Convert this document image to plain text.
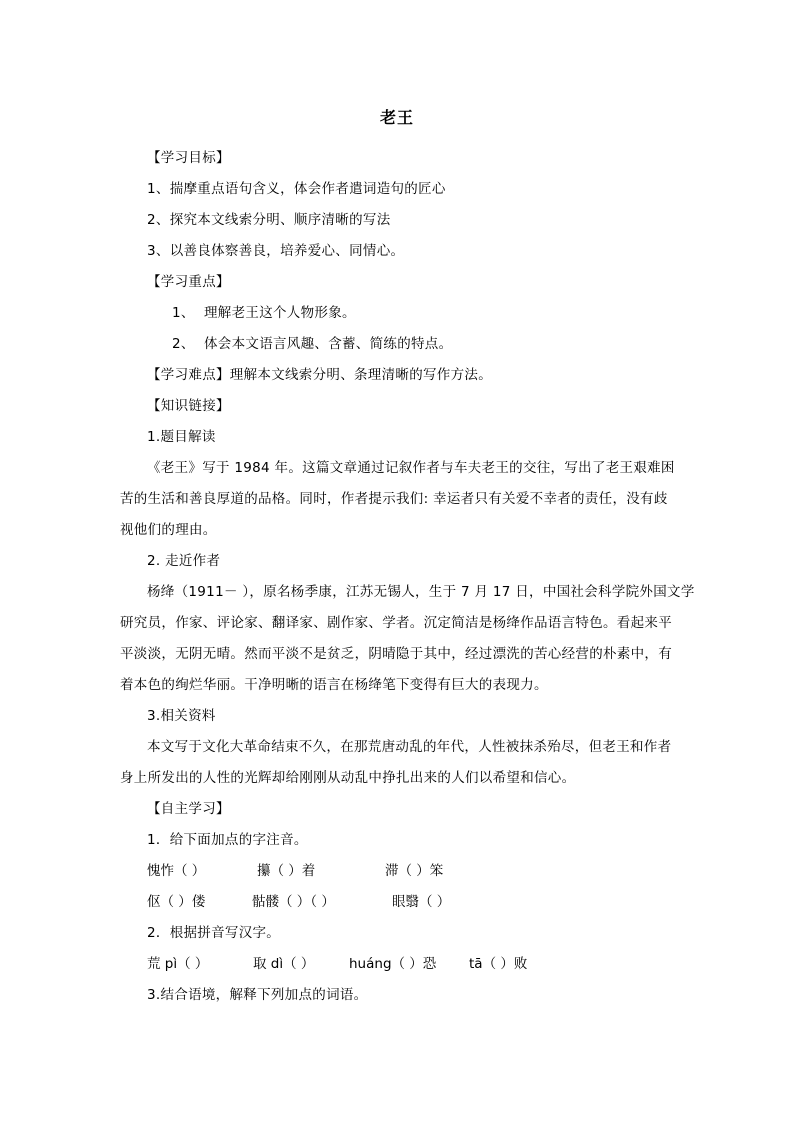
老王
【学习目标】
1、揣摩重点语句含义，体会作者遣词造句的匠心
2、探究本文线索分明、顺序清晰的写法
3、以善良体察善良，培养爱心、同情心。
【学习重点】
1、 理解老王这个人物形象。
2、 体会本文语言风趣、含蓄、简练的特点。
【学习难点】理解本文线索分明、条理清晰的写作方法。
【知识链接】
1.题目解读
《老王》写于 1984 年。这篇文章通过记叙作者与车夫老王的交往，写出了老王艰难困
苦的生活和善良厚道的品格。同时，作者提示我们: 幸运者只有关爱不幸者的责任，没有歧
视他们的理由。
2. 走近作者
杨绛（1911－ ），原名杨季康，江苏无锡人，生于 7 月 17 日，中国社会科学院外国文学
研究员，作家、评论家、翻译家、剧作家、学者。沉定简洁是杨绛作品语言特色。看起来平
平淡淡，无阴无晴。然而平淡不是贫乏，阴晴隐于其中，经过漂洗的苦心经营的朴素中，有
着本色的绚烂华丽。干净明晰的语言在杨绛笔下变得有巨大的表现力。
3.相关资料
本文写于文化大革命结束不久，在那荒唐动乱的年代，人性被抹杀殆尽，但老王和作者
身上所发出的人性的光辉却给刚刚从动乱中挣扎出来的人们以希望和信心。
【自主学习】
1．给下面加点的字注音。
愧怍（ ）	攥（ ）着	滞（ ）笨
伛（ ）偻	骷髅（ ）（ ）	眼翳（ ）
2．根据拼音写汉字。
荒 pì（ ）	取 dì（ ）	huáng（ ）恐 tā（ ）败
3.结合语境，解释下列加点的词语。
